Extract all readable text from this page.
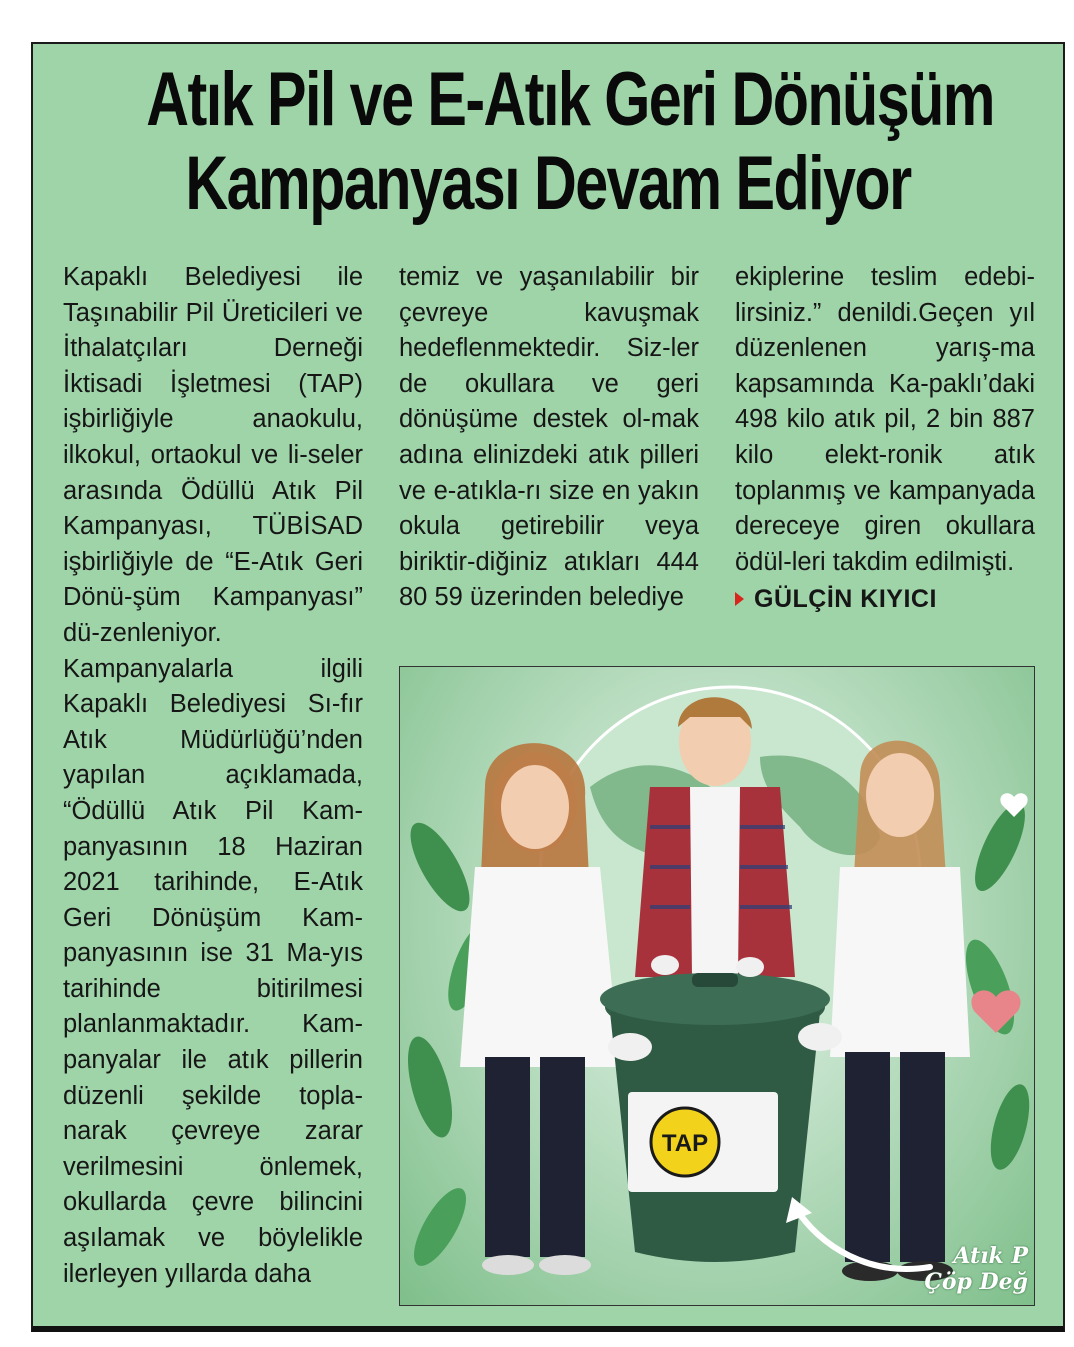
Atık Pil ve E-Atık Geri Dönüşüm
Kampanyası Devam Ediyor

Kapaklı Belediyesi ile Taşınabilir Pil Üreticileri ve İthalatçıları Derneği İktisadi İşletmesi (TAP) işbirliğiyle anaokulu, ilkokul, ortaokul ve li-seler arasında Ödüllü Atık Pil Kampanyası, TÜBİSAD işbirliğiyle de “E-Atık Geri Dönü-şüm Kampanyası” dü-zenleniyor.

Kampanyalarla ilgili Kapaklı Belediyesi Sı-fır Atık Müdürlüğü’nden yapılan açıklamada, “Ödüllü Atık Pil Kam-panyasının 18 Haziran 2021 tarihinde, E-Atık Geri Dönüşüm Kam-panyasının ise 31 Ma-yıs tarihinde bitirilmesi planlanmaktadır. Kam-panyalar ile atık pillerin düzenli şekilde topla-narak çevreye zarar verilmesini önlemek, okullarda çevre bilincini aşılamak ve böylelikle ilerleyen yıllarda daha

temiz ve yaşanılabilir bir çevreye kavuşmak hedeflenmektedir. Siz-ler de okullara ve geri dönüşüme destek ol-mak adına elinizdeki atık pilleri ve e-atıkla-rı size en yakın okula getirebilir veya biriktir-diğiniz atıkları 444 80 59 üzerinden belediye

ekiplerine teslim edebi-lirsiniz.” denildi.Geçen yıl düzenlenen yarış-ma kapsamında Ka-paklı’daki 498 kilo atık pil, 2 bin 887 kilo elekt-ronik atık toplanmış ve kampanyada dereceye giren okullara ödül-leri takdim edilmişti.

GÜLÇİN KIYICI
TAP
Atık P
Çöp Değ
